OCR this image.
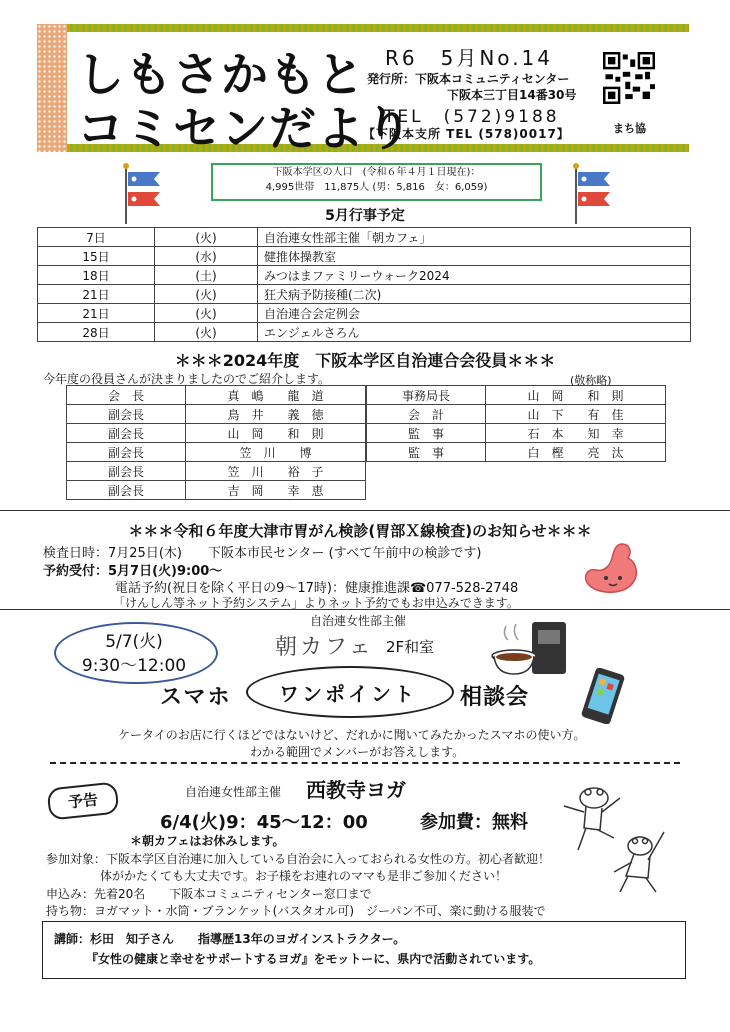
しもさかもと
コミセンだより
R6　5月No.14
発行所：下阪本コミュニティセンター
下阪本三丁目14番30号
TEL　(572)9188
【下阪本支所 TEL (578)0017】	まち協
下阪本学区の人口　(令和６年４月１日現在)：
4,995世帯　11,875人 (男：5,816　女：6,059)
5月行事予定
7日	(火)	自治連女性部主催「朝カフェ」
15日	(水)	健推体操教室
18日	(土)	みつはまファミリーウォーク2024
21日	(火)	狂犬病予防接種(二次)
21日	(火)	自治連合会定例会
28日	(火)	エンジェルさろん
＊＊＊2024年度　下阪本学区自治連合会役員＊＊＊
今年度の役員さんが決まりましたのでご紹介します。	(敬称略)
会　長	真　嶋　　龍　道
副会長	鳥　井　　義　徳
副会長	山　岡　　和　則
副会長	笠　川　　博
副会長	笠　川　　裕　子
副会長	吉　岡　　幸　恵
事務局長	山　岡　　和　則
会　計	山　下　　有　佳
監　事	石　本　　知　幸
監　事	白　樫　　亮　汰
＊＊＊令和６年度大津市胃がん検診(胃部Ｘ線検査)のお知らせ＊＊＊
検査日時：7月25日(木)　　下阪本市民センター (すべて午前中の検診です)
予約受付：5月7日(火)9:00～
電話予約(祝日を除く平日の9～17時)：健康推進課☎077-528-2748
「けんしん等ネット予約システム」よりネット予約でもお申込みできます。
自治連女性部主催
5/7(火)
9:30～12:00
朝カフェ 2F和室
スマホ	ワンポイント	相談会
ケータイのお店に行くほどではないけど、だれかに聞いてみたかったスマホの使い方。
わかる範囲でメンバーがお答えします。
予告	自治連女性部主催 西教寺ヨガ
6/4(火)9：45～12：00	参加費：無料
＊朝カフェはお休みします。
参加対象：下阪本学区自治連に加入している自治会に入っておられる女性の方。初心者歓迎！
体がかたくても大丈夫です。お子様をお連れのママも是非ご参加ください！
申込み：先着20名　　下阪本コミュニティセンター窓口まで
持ち物：ヨガマット・水筒・ブランケット(バスタオル可)　ジーパン不可、楽に動ける服装で
講師：杉田　知子さん　　指導歴13年のヨガインストラクター。
『女性の健康と幸せをサポートするヨガ』をモットーに、県内で活動されています。
